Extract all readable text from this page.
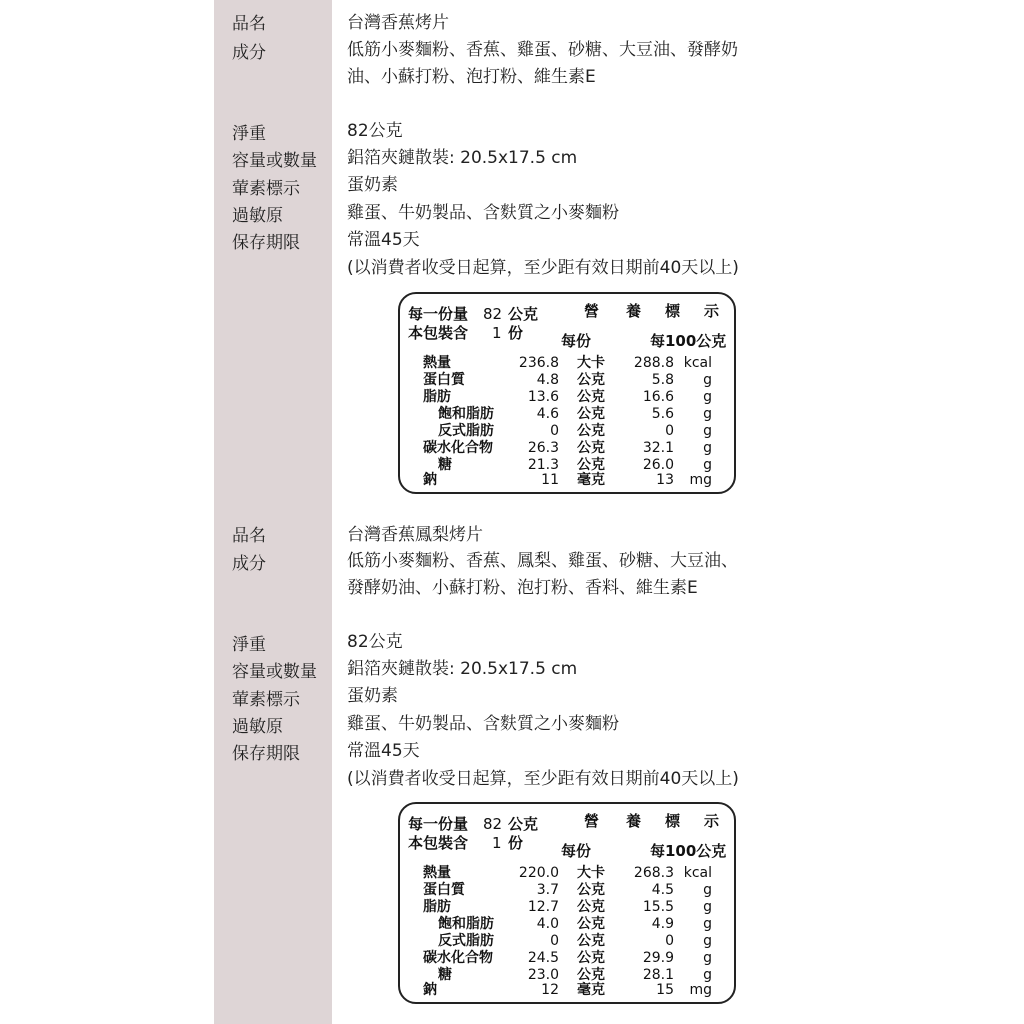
品名	台灣香蕉烤片
成分	低筋小麥麵粉、香蕉、雞蛋、砂糖、大豆油、發酵奶
油、小蘇打粉、泡打粉、維生素E
淨重	82公克
容量或數量 鋁箔夾鏈散裝: 20.5x17.5 cm
葷素標示	蛋奶素
過敏原	雞蛋、牛奶製品、含麩質之小麥麵粉
保存期限	常溫45天
(以消費者收受日起算，至少距有效日期前40天以上)
每一份量 82 公克
本包裝含 1 份
營 養 標 示
每份	每100公克
熱量	236.8 大卡 288.8 kcal
蛋白質	4.8 公克	5.8 g
脂肪	13.6 公克	16.6 g
飽和脂肪	4.6 公克	5.6 g
反式脂肪	0 公克	0 g
碳水化合物 26.3 公克	32.1 g
糖	21.3 公克	26.0 g
鈉	11 毫克	13 mg
品名	台灣香蕉鳳梨烤片
成分	低筋小麥麵粉、香蕉、鳳梨、雞蛋、砂糖、大豆油、
發酵奶油、小蘇打粉、泡打粉、香料、維生素E
淨重	82公克
容量或數量 鋁箔夾鏈散裝: 20.5x17.5 cm
葷素標示	蛋奶素
過敏原	雞蛋、牛奶製品、含麩質之小麥麵粉
保存期限	常溫45天
(以消費者收受日起算，至少距有效日期前40天以上)
每一份量 82 公克
本包裝含 1 份
營 養 標 示
每份	每100公克
熱量	220.0 大卡 268.3 kcal
蛋白質	3.7 公克	4.5 g
脂肪	12.7 公克	15.5 g
飽和脂肪	4.0 公克	4.9 g
反式脂肪	0 公克	0 g
碳水化合物 24.5 公克	29.9 g
糖	23.0 公克	28.1 g
鈉	12 毫克	15 mg
